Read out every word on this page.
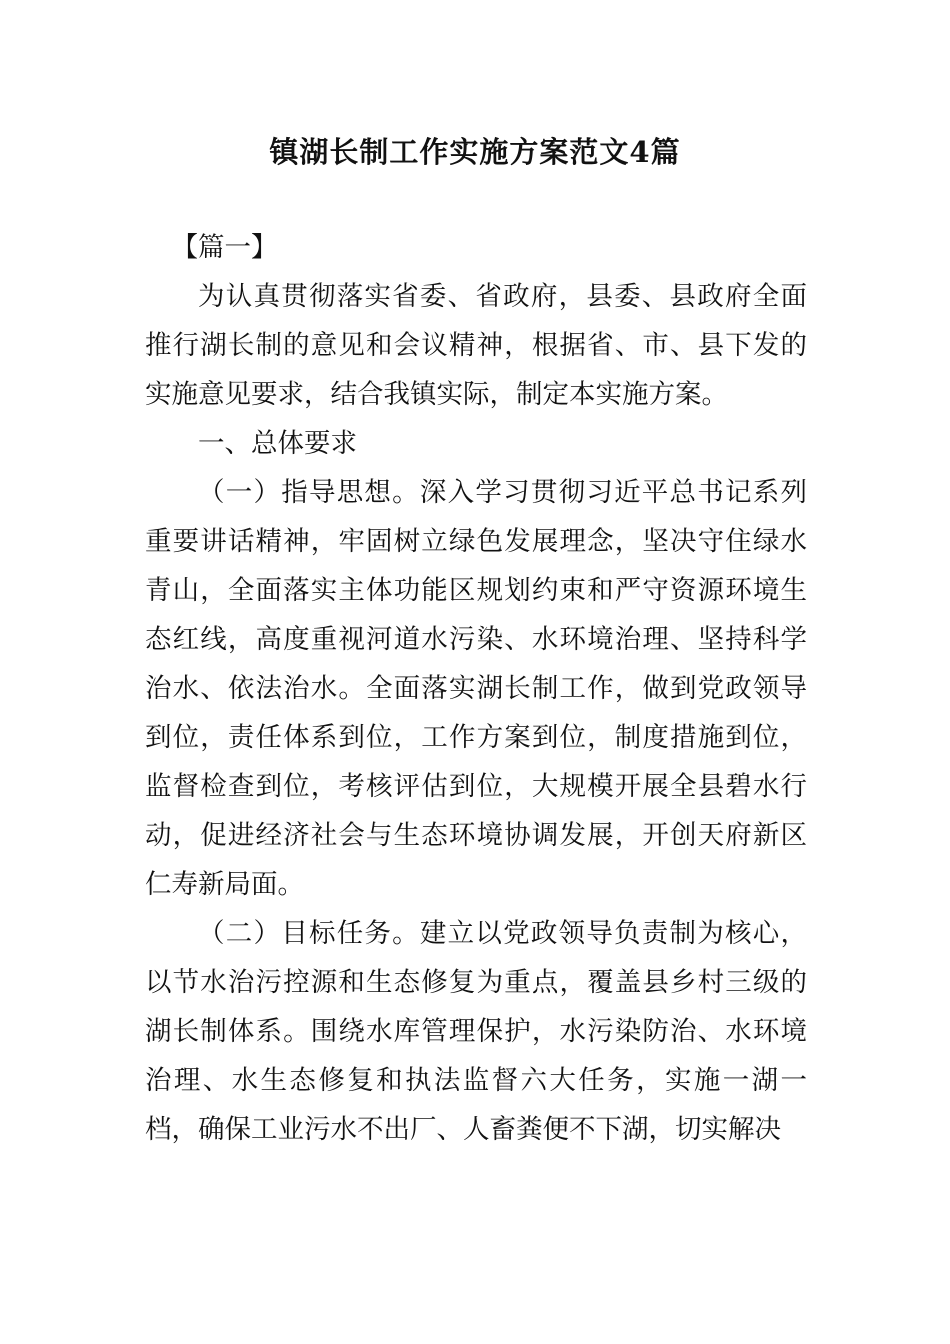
镇湖长制工作实施方案范文4篇

【篇一】

为认真贯彻落实省委、省政府，县委、县政府全面推行湖长制的意见和会议精神，根据省、市、县下发的实施意见要求，结合我镇实际，制定本实施方案。

一、总体要求

（一）指导思想。深入学习贯彻习近平总书记系列重要讲话精神，牢固树立绿色发展理念，坚决守住绿水青山，全面落实主体功能区规划约束和严守资源环境生态红线，高度重视河道水污染、水环境治理、坚持科学治水、依法治水。全面落实湖长制工作，做到党政领导到位，责任体系到位，工作方案到位，制度措施到位，监督检查到位，考核评估到位，大规模开展全县碧水行动，促进经济社会与生态环境协调发展，开创天府新区仁寿新局面。

（二）目标任务。建立以党政领导负责制为核心，以节水治污控源和生态修复为重点，覆盖县乡村三级的湖长制体系。围绕水库管理保护，水污染防治、水环境治理、水生态修复和执法监督六大任务，实施一湖一档，确保工业污水不出厂、人畜粪便不下湖，切实解决
